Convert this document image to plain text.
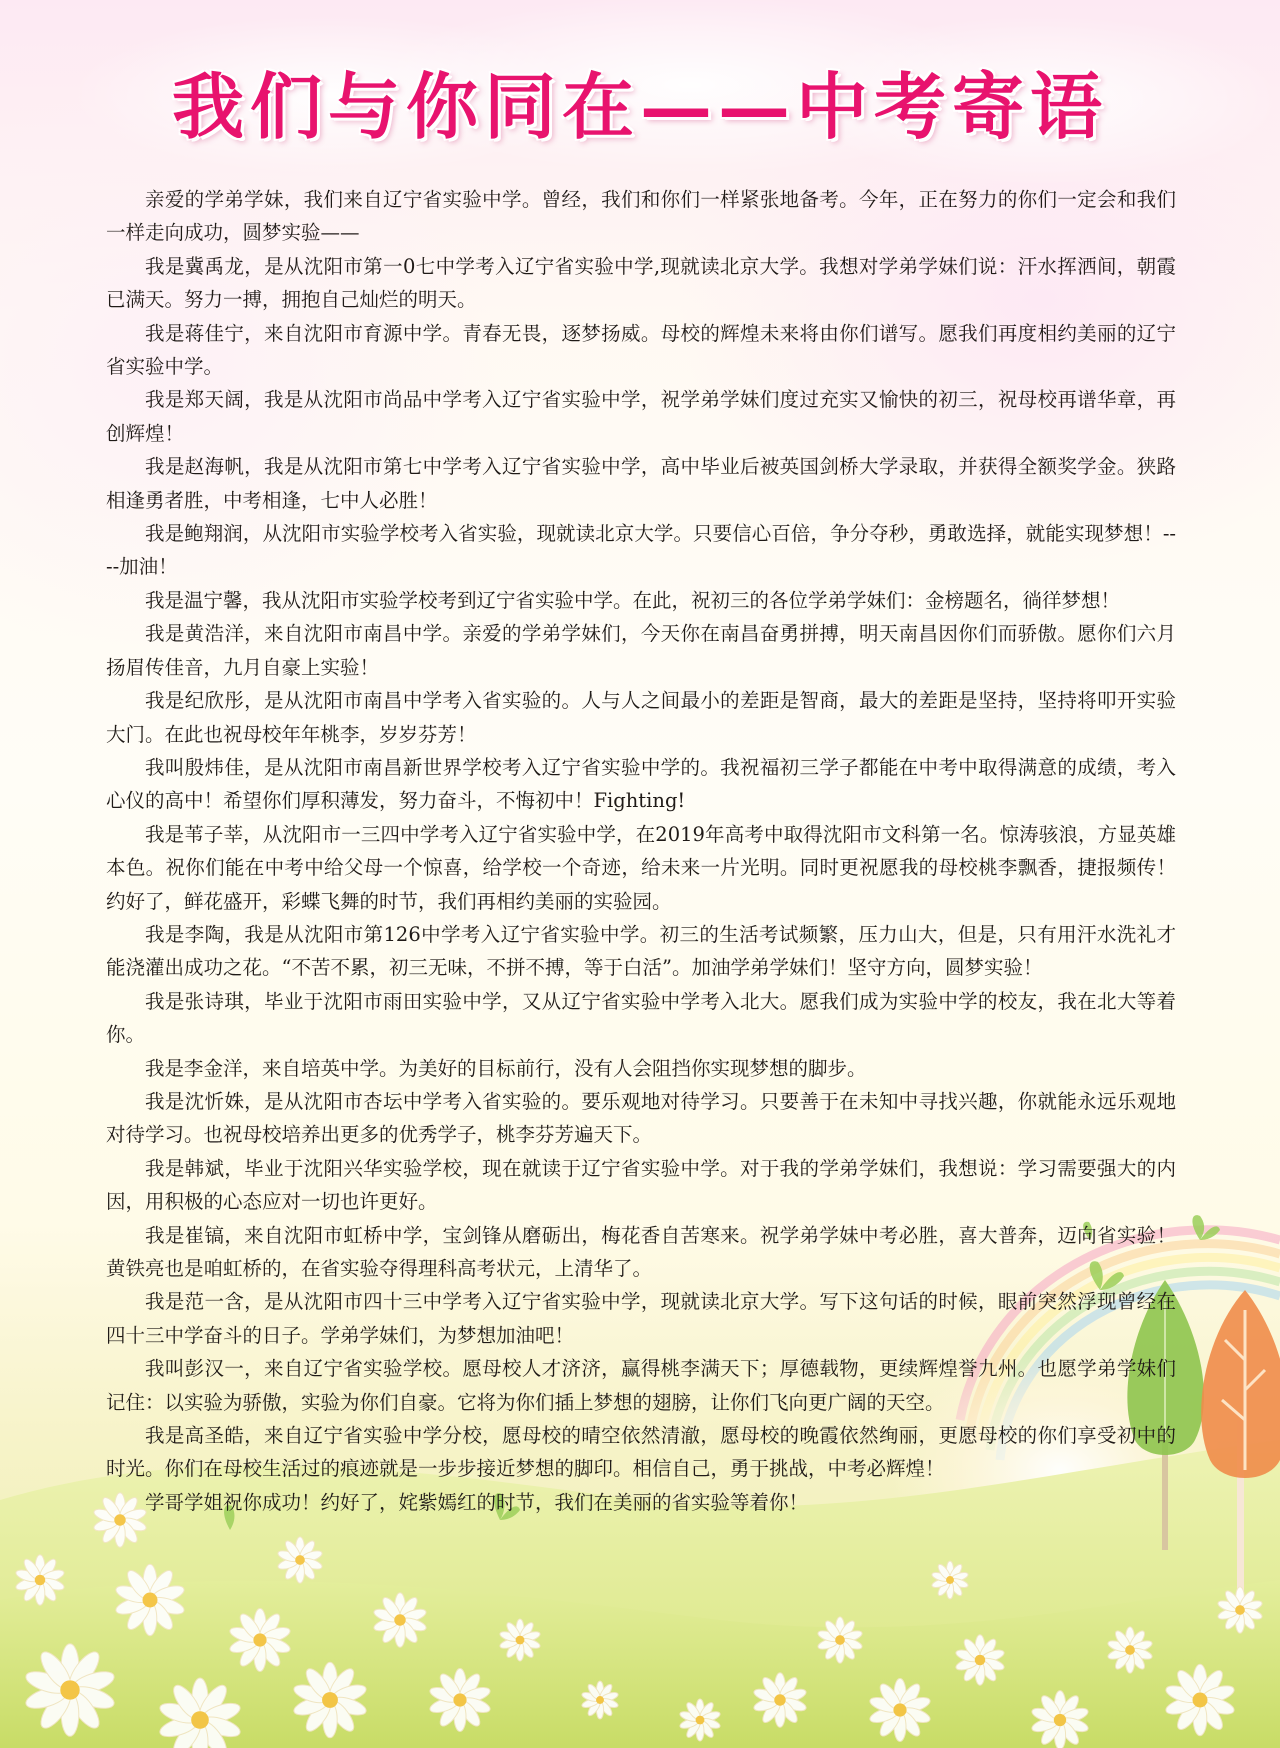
我们与你同在——中考寄语

亲爱的学弟学妹，我们来自辽宁省实验中学。曾经，我们和你们一样紧张地备考。今年，正在努力的你们一定会和我们一样走向成功，圆梦实验——

我是冀禹龙，是从沈阳市第一0七中学考入辽宁省实验中学,现就读北京大学。我想对学弟学妹们说：汗水挥洒间，朝霞已满天。努力一搏，拥抱自己灿烂的明天。

我是蒋佳宁，来自沈阳市育源中学。青春无畏，逐梦扬威。母校的辉煌未来将由你们谱写。愿我们再度相约美丽的辽宁省实验中学。

我是郑天阔，我是从沈阳市尚品中学考入辽宁省实验中学，祝学弟学妹们度过充实又愉快的初三，祝母校再谱华章，再创辉煌！

我是赵海帆，我是从沈阳市第七中学考入辽宁省实验中学，高中毕业后被英国剑桥大学录取，并获得全额奖学金。狭路相逢勇者胜，中考相逢，七中人必胜！

我是鲍翔润，从沈阳市实验学校考入省实验，现就读北京大学。只要信心百倍，争分夺秒，勇敢选择，就能实现梦想！----加油！

我是温宁馨，我从沈阳市实验学校考到辽宁省实验中学。在此，祝初三的各位学弟学妹们：金榜题名，徜徉梦想！

我是黄浩洋，来自沈阳市南昌中学。亲爱的学弟学妹们，今天你在南昌奋勇拼搏，明天南昌因你们而骄傲。愿你们六月扬眉传佳音，九月自豪上实验！

我是纪欣彤，是从沈阳市南昌中学考入省实验的。人与人之间最小的差距是智商，最大的差距是坚持，坚持将叩开实验大门。在此也祝母校年年桃李，岁岁芬芳！

我叫殷炜佳，是从沈阳市南昌新世界学校考入辽宁省实验中学的。我祝福初三学子都能在中考中取得满意的成绩，考入心仪的高中！希望你们厚积薄发，努力奋斗，不悔初中！Fighting!

我是苇子莘，从沈阳市一三四中学考入辽宁省实验中学，在2019年高考中取得沈阳市文科第一名。惊涛骇浪，方显英雄本色。祝你们能在中考中给父母一个惊喜，给学校一个奇迹，给未来一片光明。同时更祝愿我的母校桃李飘香，捷报频传！约好了，鲜花盛开，彩蝶飞舞的时节，我们再相约美丽的实验园。

我是李陶，我是从沈阳市第126中学考入辽宁省实验中学。初三的生活考试频繁，压力山大，但是，只有用汗水洗礼才能浇灌出成功之花。“不苦不累，初三无味，不拼不搏，等于白活”。加油学弟学妹们！坚守方向，圆梦实验！

我是张诗琪，毕业于沈阳市雨田实验中学，又从辽宁省实验中学考入北大。愿我们成为实验中学的校友，我在北大等着你。

我是李金洋，来自培英中学。为美好的目标前行，没有人会阻挡你实现梦想的脚步。

我是沈忻姝，是从沈阳市杏坛中学考入省实验的。要乐观地对待学习。只要善于在未知中寻找兴趣，你就能永远乐观地对待学习。也祝母校培养出更多的优秀学子，桃李芬芳遍天下。

我是韩斌，毕业于沈阳兴华实验学校，现在就读于辽宁省实验中学。对于我的学弟学妹们，我想说：学习需要强大的内因，用积极的心态应对一切也许更好。

我是崔镐，来自沈阳市虹桥中学，宝剑锋从磨砺出，梅花香自苦寒来。祝学弟学妹中考必胜，喜大普奔，迈向省实验！黄铁亮也是咱虹桥的，在省实验夺得理科高考状元，上清华了。

我是范一含，是从沈阳市四十三中学考入辽宁省实验中学，现就读北京大学。写下这句话的时候，眼前突然浮现曾经在四十三中学奋斗的日子。学弟学妹们，为梦想加油吧！

我叫彭汉一，来自辽宁省实验学校。愿母校人才济济，赢得桃李满天下；厚德载物，更续辉煌誉九州。也愿学弟学妹们记住：以实验为骄傲，实验为你们自豪。它将为你们插上梦想的翅膀，让你们飞向更广阔的天空。

我是高圣皓，来自辽宁省实验中学分校，愿母校的晴空依然清澈，愿母校的晚霞依然绚丽，更愿母校的你们享受初中的时光。你们在母校生活过的痕迹就是一步步接近梦想的脚印。相信自己，勇于挑战，中考必辉煌！

学哥学姐祝你成功！约好了，姹紫嫣红的时节，我们在美丽的省实验等着你！
